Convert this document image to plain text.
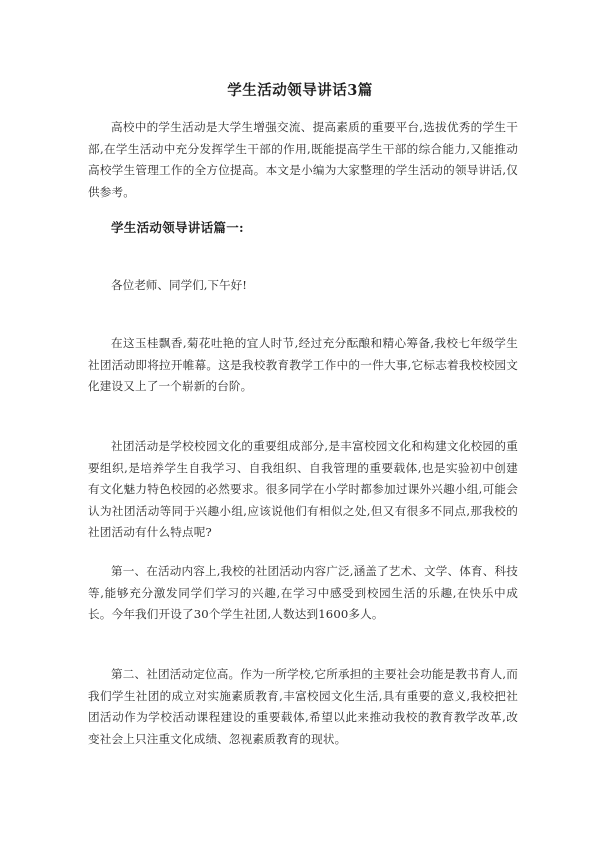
学生活动领导讲话3篇
高校中的学生活动是大学生增强交流、提高素质的重要平台,选拔优秀的学生干部,在学生活动中充分发挥学生干部的作用,既能提高学生干部的综合能力,又能推动高校学生管理工作的全方位提高。本文是小编为大家整理的学生活动的领导讲话,仅供参考。
学生活动领导讲话篇一:
各位老师、同学们,下午好!
在这玉桂飘香,菊花吐艳的宜人时节,经过充分酝酿和精心筹备,我校七年级学生社团活动即将拉开帷幕。这是我校教育教学工作中的一件大事,它标志着我校校园文化建设又上了一个崭新的台阶。
社团活动是学校校园文化的重要组成部分,是丰富校园文化和构建文化校园的重要组织,是培养学生自我学习、自我组织、自我管理的重要载体,也是实验初中创建有文化魅力特色校园的必然要求。很多同学在小学时都参加过课外兴趣小组,可能会认为社团活动等同于兴趣小组,应该说他们有相似之处,但又有很多不同点,那我校的社团活动有什么特点呢?
第一、在活动内容上,我校的社团活动内容广泛,涵盖了艺术、文学、体育、科技等,能够充分激发同学们学习的兴趣,在学习中感受到校园生活的乐趣,在快乐中成长。今年我们开设了30个学生社团,人数达到1600多人。
第二、社团活动定位高。作为一所学校,它所承担的主要社会功能是教书育人,而我们学生社团的成立对实施素质教育,丰富校园文化生活,具有重要的意义,我校把社团活动作为学校活动课程建设的重要载体,希望以此来推动我校的教育教学改革,改变社会上只注重文化成绩、忽视素质教育的现状。
